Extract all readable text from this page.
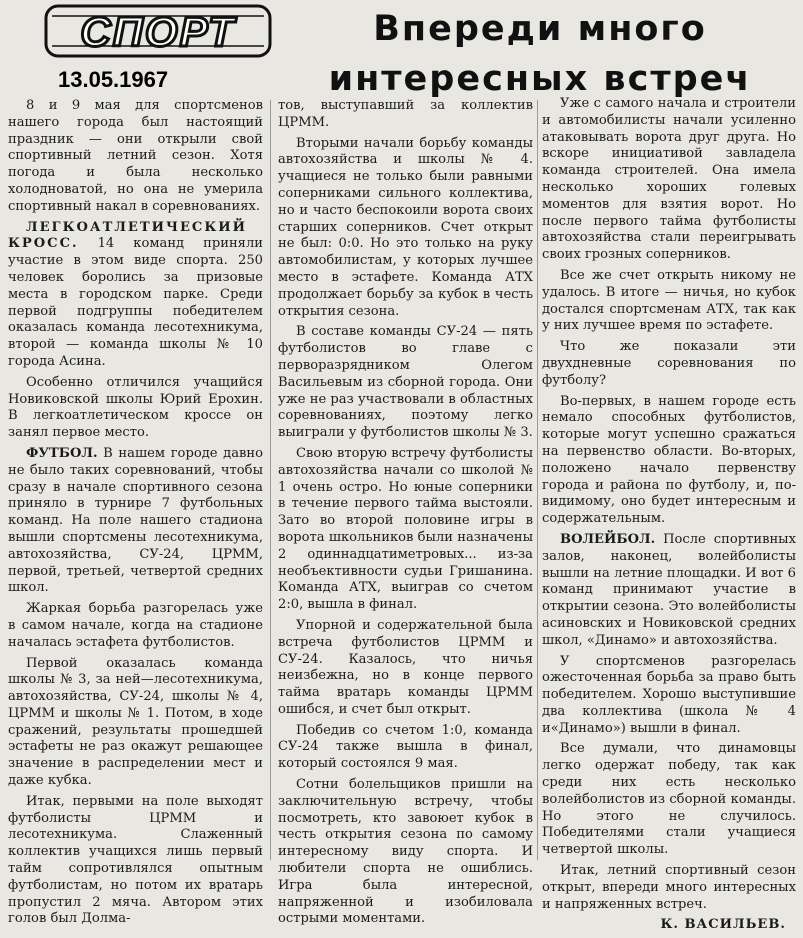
СПОРТ
13.05.1967
Впереди много
интересных встреч

8 и 9 мая для спортсменов нашего города был настоящий праздник — они открыли свой спортивный летний сезон. Хотя погода и была несколько холодноватой, но она не умерила спортивный накал в соревнованиях.

ЛЕГКОАТЛЕТИЧЕСКИЙ КРОСС. 14 команд приняли участие в этом виде спорта. 250 человек боролись за призовые места в городском парке. Среди первой подгруппы победителем оказалась команда лесотехникума, второй — команда школы № 10 города Асина.

Особенно отличился учащийся Новиковской школы Юрий Ерохин. В легкоатлетическом кроссе он занял первое место.

ФУТБОЛ. В нашем городе давно не было таких соревнований, чтобы сразу в начале спортивного сезона приняло в турнире 7 футбольных команд. На поле нашего стадиона вышли спортсмены лесотехникума, автохозяйства, СУ-24, ЦРММ, первой, третьей, четвертой средних школ.

Жаркая борьба разгорелась уже в самом начале, когда на стадионе началась эстафета футболистов.

Первой оказалась команда школы № 3, за ней—лесотехникума, автохозяйства, СУ-24, школы № 4, ЦРММ и школы № 1. Потом, в ходе сражений, результаты прошедшей эстафеты не раз окажут решающее значение в распределении мест и даже кубка.

Итак, первыми на поле выходят футболисты ЦРММ и лесотехникума. Слаженный коллектив учащихся лишь первый тайм сопротивлялся опытным футболистам, но потом их вратарь пропустил 2 мяча. Автором этих голов был Долма-

тов, выступавший за коллектив ЦРММ.

Вторыми начали борьбу команды автохозяйства и школы № 4. учащиеся не только были равными соперниками сильного коллектива, но и часто беспокоили ворота своих старших соперников. Счет открыт не был: 0:0. Но это только на руку автомобилистам, у которых лучшее место в эстафете. Команда АТХ продолжает борьбу за кубок в честь открытия сезона.

В составе команды СУ-24 — пять футболистов во главе с перворазрядником Олегом Васильевым из сборной города. Они уже не раз участвовали в областных соревнованиях, поэтому легко выиграли у футболистов школы № 3.

Свою вторую встречу футболисты автохозяйства начали со школой № 1 очень остро. Но юные соперники в течение первого тайма выстояли. Зато во второй половине игры в ворота школьников были назначены 2 одиннадцатиметровых... из-за необъективности судьи Гришанина. Команда АТХ, выиграв со счетом 2:0, вышла в финал.

Упорной и содержательной была встреча футболистов ЦРММ и СУ-24. Казалось, что ничья неизбежна, но в конце первого тайма вратарь команды ЦРММ ошибся, и счет был открыт.

Победив со счетом 1:0, команда СУ-24 также вышла в финал, который состоялся 9 мая.

Сотни болельщиков пришли на заключительную встречу, чтобы посмотреть, кто завоюет кубок в честь открытия сезона по самому интересному виду спорта. И любители спорта не ошиблись. Игра была интересной, напряженной и изобиловала острыми моментами.

Уже с самого начала и строители и автомобилисты начали усиленно атаковывать ворота друг друга. Но вскоре инициативой завладела команда строителей. Она имела несколько хороших голевых моментов для взятия ворот. Но после первого тайма футболисты автохозяйства стали переигрывать своих грозных соперников.

Все же счет открыть никому не удалось. В итоге — ничья, но кубок достался спортсменам АТХ, так как у них лучшее время по эстафете.

Что же показали эти двухдневные соревнования по футболу?

Во-первых, в нашем городе есть немало способных футболистов, которые могут успешно сражаться на первенство области. Во-вторых, положено начало первенству города и района по футболу, и, по-видимому, оно будет интересным и содержательным.

ВОЛЕЙБОЛ. После спортивных залов, наконец, волейболисты вышли на летние площадки. И вот 6 команд принимают участие в открытии сезона. Это волейболисты асиновских и Новиковской средних школ, «Динамо» и автохозяйства.

У спортсменов разгорелась ожесточенная борьба за право быть победителем. Хорошо выступившие два коллектива (школа № 4 и«Динамо») вышли в финал.

Все думали, что динамовцы легко одержат победу, так как среди них есть несколько волейболистов из сборной команды. Но этого не случилось. Победителями стали учащиеся четвертой школы.

Итак, летний спортивный сезон открыт, впереди много интересных и напряженных встреч.

К. ВАСИЛЬЕВ.
